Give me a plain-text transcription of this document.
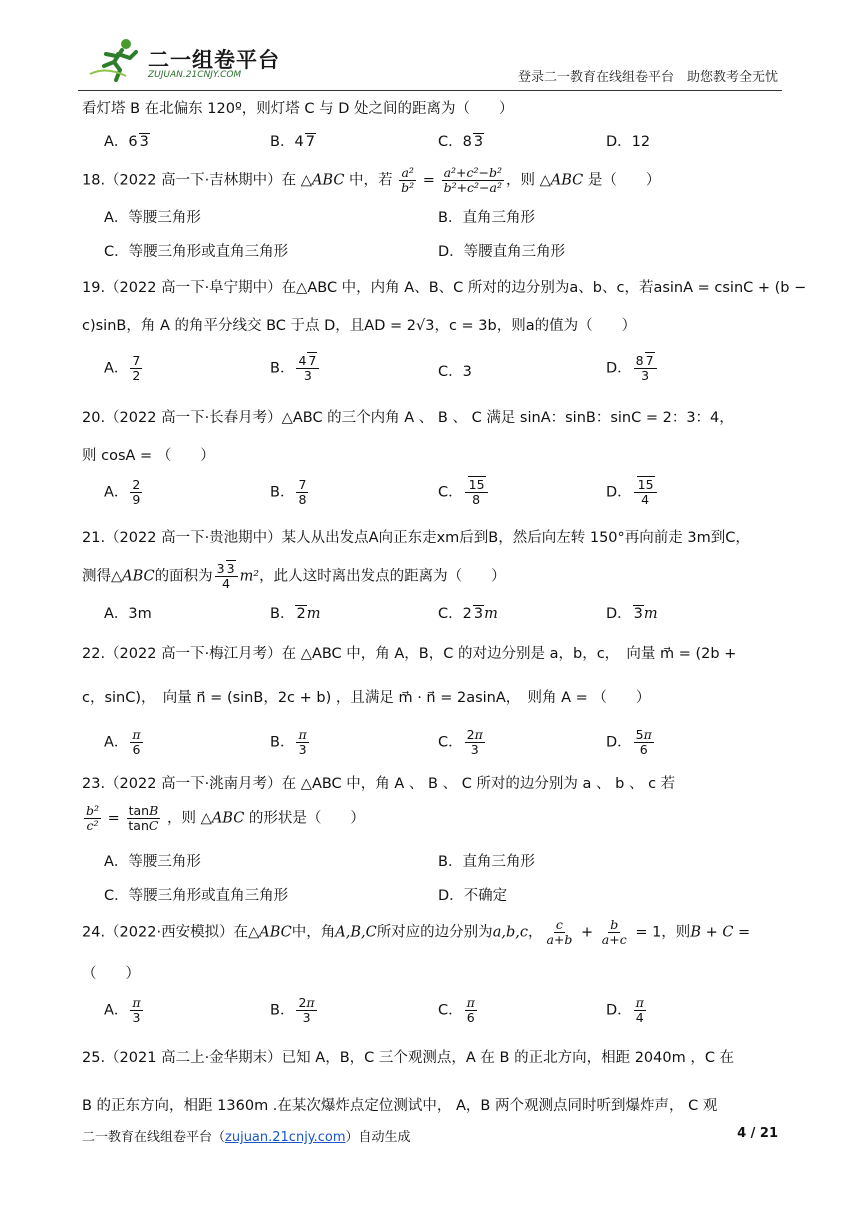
二一组卷平台
ZUJUAN.21CNJY.COM	登录二一教育在线组卷平台　助您教考全无忧
看灯塔 B 在北偏东 120º，则灯塔 C 与 D 处之间的距离为（　　）
A．6 3	B．4 7	C．8 3	D．12
18.（2022 高一下·吉林期中）在 △ABC 中，若 $\frac{\text{a²}}{\text{b²}} = \frac{\text{a²+c²−b²}}{\text{b²+c²−a²}}$ ，则 △ABC 是（　　）
A．等腰三角形	B．直角三角形
C．等腰三角形或直角三角形	D．等腰直角三角形
19.（2022 高一下·阜宁期中）在△ABC 中，内角 A、B、C 所对的边分别为a、b、c，若asinA = csinC + (b −
c)sinB，角 A 的角平分线交 BC 于点 D，且AD = 2√3，c = 3b，则a的值为（　　）
A． $\frac{7}{2}$	B． $\frac{4 7}{3}$	C．3	D． $\frac{8 7}{3}$
20.（2022 高一下·长春月考）△ABC 的三个内角 A 、 B 、 C 满足 sinA：sinB：sinC = 2：3：4，
则 cosA = （　　）
A． $\frac{2}{9}$	B． $\frac{7}{8}$	C． $\frac{15}{8}$	D． $\frac{15}{4}$
21.（2022 高一下·贵池期中）某人从出发点A向正东走xm后到B，然后向左转 150°再向前走 3m到C，
测得△ABC的面积为 $\frac{3 3}{4} m^2$，此人这时离出发点的距离为（　　）
A．3m	B． 2m	C．2 3m	D． 3m
22.（2022 高一下·梅江月考）在 △ABC 中，角 A，B，C 的对边分别是 a，b，c，　向量 m⃗ = (2b +
c，sinC)，　向量 n⃗ = (sinB，2c + b) ，且满足 m⃗ · n⃗ = 2asinA，　则角 A = （　　）
A． $\frac{\pi}{6}$	B． $\frac{\pi}{3}$	C． $\frac{2\pi}{3}$	D． $\frac{5\pi}{6}$
23.（2022 高一下·洮南月考）在 △ABC 中，角 A 、 B 、 C 所对的边分别为 a 、 b 、 c 若
$\frac{\text{b²}}{\text{c²}} = \frac{\tan B}{\tan C}$ ，则 △ABC 的形状是（　　）
A．等腰三角形	B．直角三角形
C．等腰三角形或直角三角形	D．不确定
24.（2022·西安模拟）在△ABC中，角A,B,C所对应的边分别为a,b,c， $\frac{c}{a+b} + \frac{b}{a+c} = 1$，则B + C =
（　　）
A． $\frac{\pi}{3}$	B． $\frac{2\pi}{3}$	C． $\frac{\pi}{6}$	D． $\frac{\pi}{4}$
25.（2021 高二上·金华期末）已知 A，B，C 三个观测点，A 在 B 的正北方向，相距 2040m ，C 在
B 的正东方向，相距 1360m .在某次爆炸点定位测试中， A，B 两个观测点同时听到爆炸声， C 观
二一教育在线组卷平台（zujuan.21cnjy.com）自动生成	4 / 21
